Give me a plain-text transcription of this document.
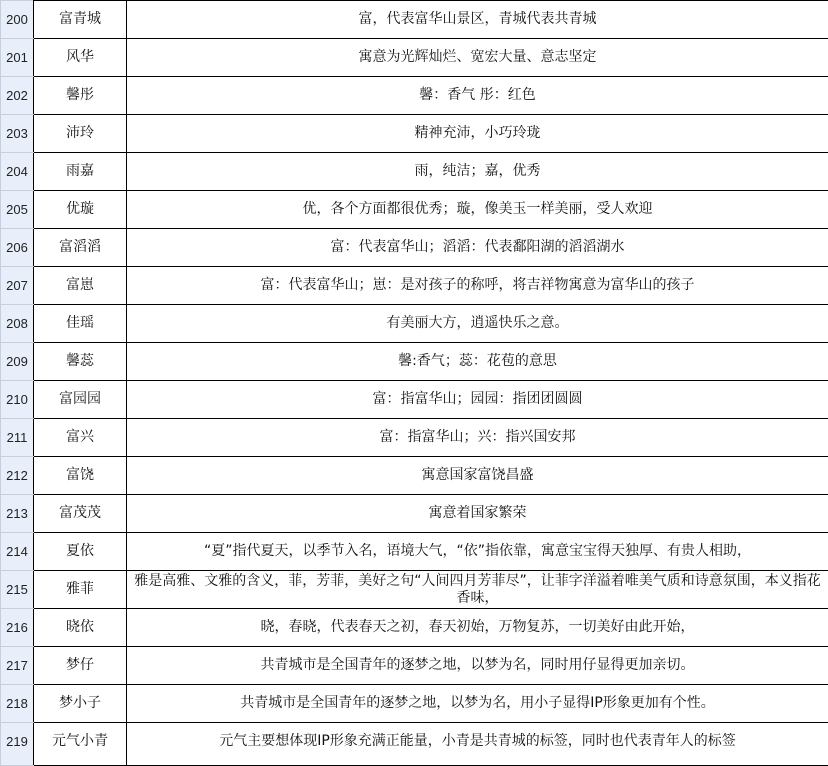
200	富青城	富，代表富华山景区，青城代表共青城
201	风华	寓意为光辉灿烂、宽宏大量、意志坚定
202	馨彤	馨：香气 彤：红色
203	沛玲	精神充沛，小巧玲珑
204	雨嘉	雨，纯洁；嘉，优秀
205	优璇	优，各个方面都很优秀；璇，像美玉一样美丽，受人欢迎
206	富滔滔	富：代表富华山；滔滔：代表鄱阳湖的滔滔湖水
207	富崽	富：代表富华山；崽：是对孩子的称呼，将吉祥物寓意为富华山的孩子
208	佳瑶	有美丽大方，逍遥快乐之意。
209	馨蕊	馨:香气；蕊：花苞的意思
210	富园园	富：指富华山；园园：指团团圆圆
211	富兴	富：指富华山；兴：指兴国安邦
212	富饶	寓意国家富饶昌盛
213	富茂茂	寓意着国家繁荣
214	夏依	“夏”指代夏天，以季节入名，语境大气，“依”指依靠，寓意宝宝得天独厚、有贵人相助，
215	雅菲	雅是高雅、文雅的含义，菲，芳菲，美好之句“人间四月芳菲尽”，让菲字洋溢着唯美气质和诗意氛围，本义指花香味，
216	晓依	晓，春晓，代表春天之初，春天初始，万物复苏，一切美好由此开始，
217	梦仔	共青城市是全国青年的逐梦之地，以梦为名，同时用仔显得更加亲切。
218	梦小子	共青城市是全国青年的逐梦之地，以梦为名，用小子显得IP形象更加有个性。
219	元气小青	元气主要想体现IP形象充满正能量，小青是共青城的标签，同时也代表青年人的标签
